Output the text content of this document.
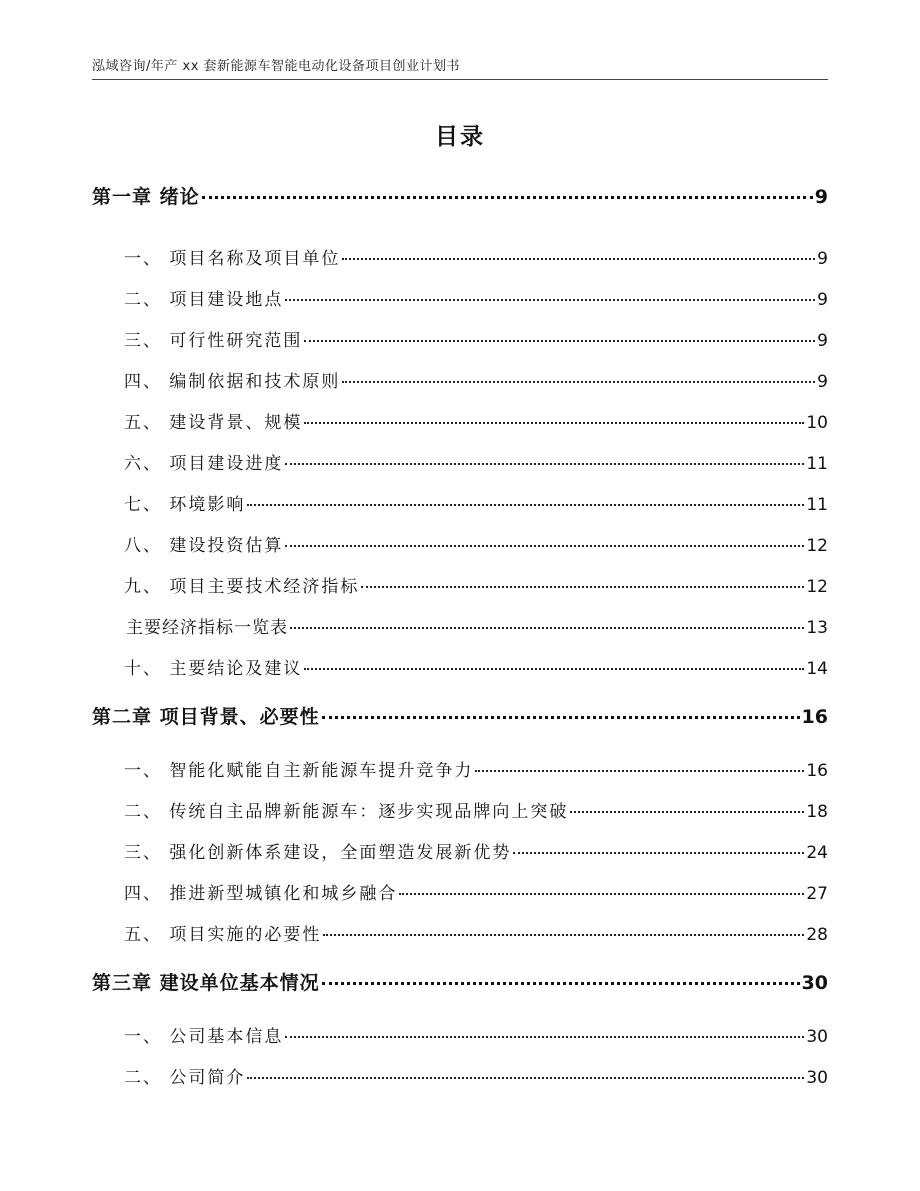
泓域咨询/年产 xx 套新能源车智能电动化设备项目创业计划书
目录
第一章 绪论	9
一、 项目名称及项目单位	9
二、 项目建设地点	9
三、 可行性研究范围	9
四、 编制依据和技术原则	9
五、 建设背景、规模	10
六、 项目建设进度	11
七、 环境影响	11
八、 建设投资估算	12
九、 项目主要技术经济指标	12
主要经济指标一览表	13
十、 主要结论及建议	14
第二章 项目背景、必要性	16
一、 智能化赋能自主新能源车提升竞争力	16
二、 传统自主品牌新能源车：逐步实现品牌向上突破	18
三、 强化创新体系建设，全面塑造发展新优势	24
四、 推进新型城镇化和城乡融合	27
五、 项目实施的必要性	28
第三章 建设单位基本情况	30
一、 公司基本信息	30
二、 公司简介	30
